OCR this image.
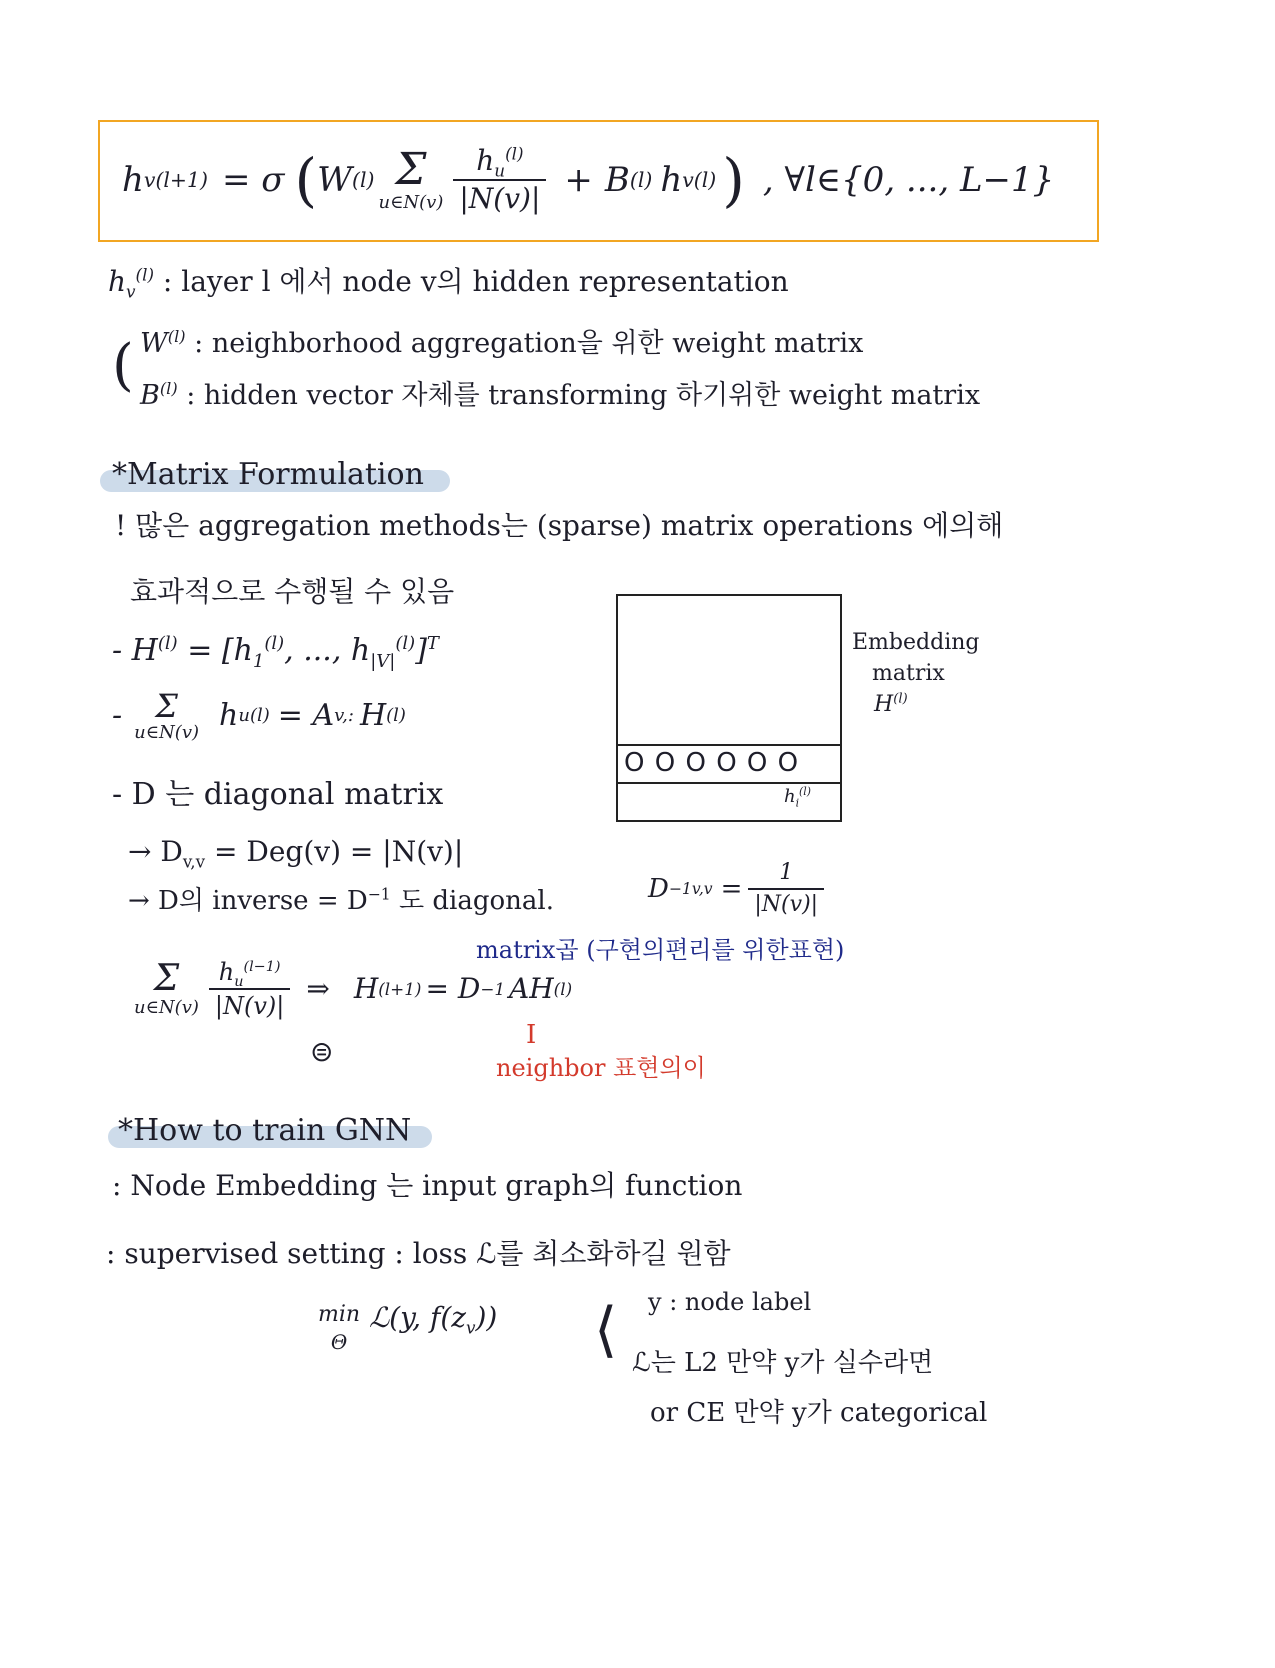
h v (l+1) = σ ( W (l) Σ
u∈N(v) $\frac{h_u^{(l)}}{|N(v)|} + B$ (l) h v (l) ) , ∀l∈{0, ..., L−1}
$h_v^{(l)}$ : layer l 에서 node v의 hidden representation
( $W^{(l)}$ : neighborhood aggregation을 위한 weight matrix
$B^{(l)}$ : hidden vector 자체를 transforming 하기위한 weight matrix
*Matrix Formulation
! 많은 aggregation methods는 (sparse) matrix operations 에의해
효과적으로 수행될 수 있음
- $H^{(l)} = [h_1^{(l)}$, ..., $h_{|V|}^{(l)}]^T$
-	Σ
u∈N(v) h u (l) = A v,: H (l)
- D 는 diagonal matrix
→ $D_{v,v} = Deg(v) = |N(v)|$
→ D의 inverse = $D^{-1}$ 도 diagonal.	D −1 $v,v = \frac{1}{|N(v)|}$
O O O O O O
$h_i^{(l)}$
Embedding
matrix
$H^{(l)}$
matrix곱 (구현의편리를 위한표현)
Σ
u∈N(v) $\frac{h_u^{(l-1)}}{|N(v)|}$ ⇒ H (l+1) = D −1 AH (l)
⊜	I
neighbor 표현의이
*How to train GNN
: Node Embedding 는 input graph의 function
: supervised setting : loss ℒ를 최소화하길 원함
min
Θ
ℒ(y, $f(z_v)$) ⟨ y : node label
ℒ는 L2 만약 y가 실수라면
or CE 만약 y가 categorical
